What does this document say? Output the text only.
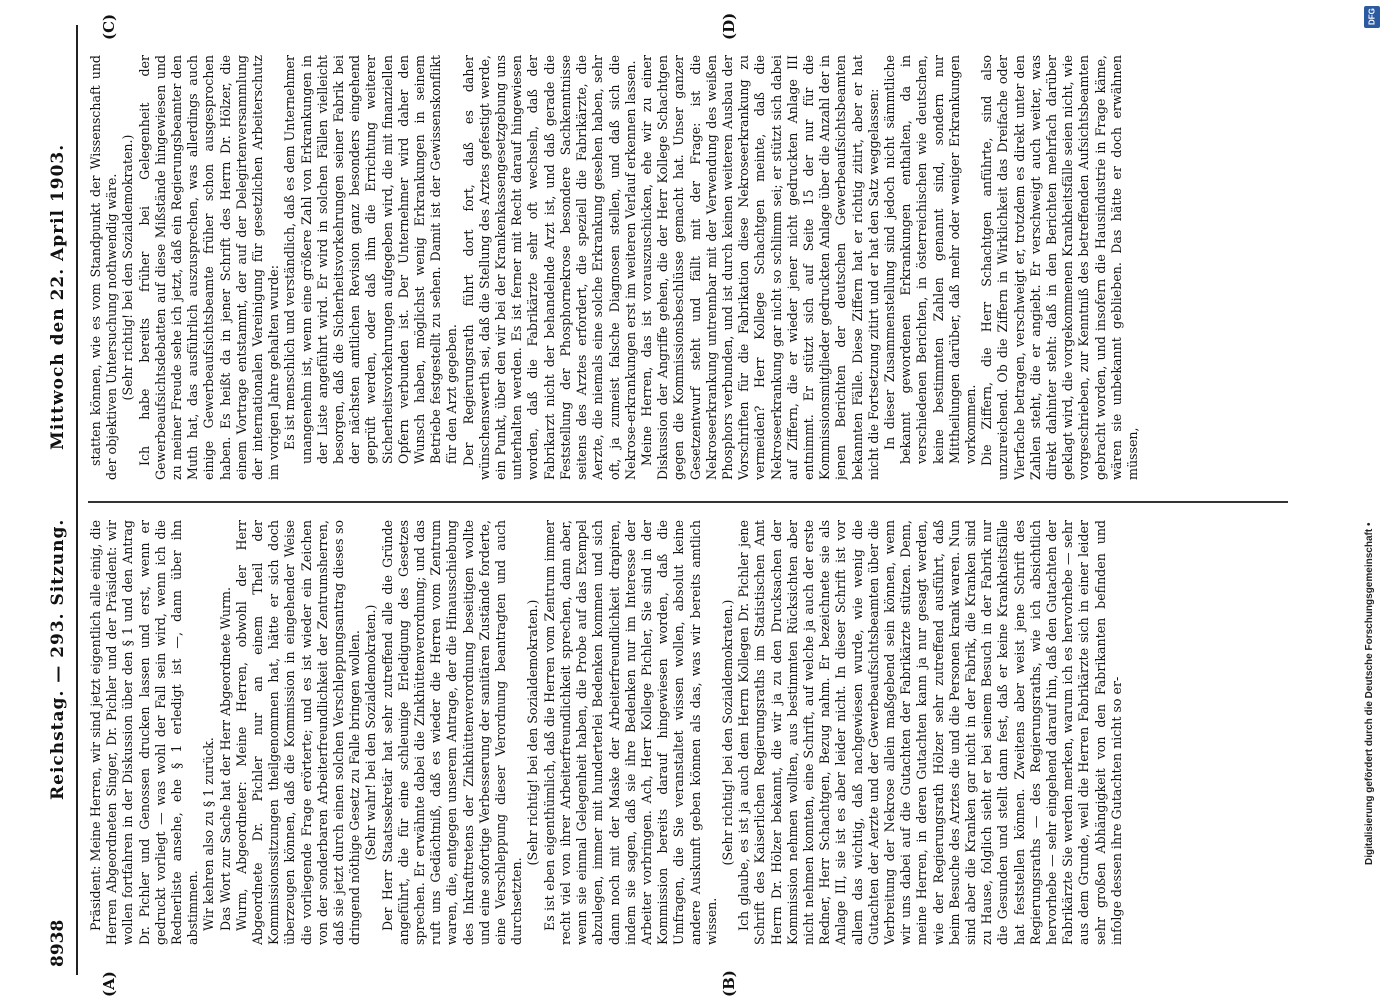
8938
Reichstag. — 293. Sitzung.
Mittwoch den 22. April 1903.
(A)	(B)
(C)	(D)

Präsident: Meine Herren, wir sind jetzt eigentlich alle einig, die Herren Abgeordneten Singer, Dr. Pichler und der Präsident: wir wollen fortfahren in der Diskussion über den § 1 und den Antrag Dr. Pichler und Genossen drucken lassen und erst, wenn er gedruckt vorliegt — was wohl der Fall sein wird, wenn ich die Rednerliste ansehe, ehe § 1 erledigt ist —, dann über ihn abstimmen. Wir kehren also zu § 1 zurück. Das Wort zur Sache hat der Herr Abgeordnete Wurm. Wurm, Abgeordneter: Meine Herren, obwohl der Herr Abgeordnete Dr. Pichler nur an einem Theil der Kommissionssitzungen theilgenommen hat, hätte er sich doch überzeugen können, daß die Kommission in eingehender Weise die vorliegende Frage erörterte; und es ist wieder ein Zeichen von der sonderbaren Arbeiterfreundlichkeit der Zentrumsherren, daß sie jetzt durch einen solchen Verschleppungsantrag dieses so dringend nöthige Gesetz zu Falle bringen wollen. (Sehr wahr! bei den Sozialdemokraten.) Der Herr Staatssekretär hat sehr zutreffend alle die Gründe angeführt, die für eine schleunige Erledigung des Gesetzes sprechen. Er erwähnte dabei die Zinkhüttenverordnung; und das ruft uns Gedächtniß, daß es wieder die Herren vom Zentrum waren, die, entgegen unserem Antrage, der die Hinausschiebung des Inkrafttretens der Zinkhüttenverordnung beseitigen wollte und eine sofortige Verbesserung der sanitären Zustände forderte, eine Verschleppung dieser Verordnung beantragten und auch durchsetzten.

(Sehr richtig! bei den Sozialdemokraten.) Es ist eben eigenthümlich, daß die Herren vom Zentrum immer recht viel von ihrer Arbeiterfreundlichkeit sprechen, dann aber, wenn sie einmal Gelegenheit haben, die Probe auf das Exempel abzulegen, immer mit hunderterlei Bedenken kommen und sich dann noch mit der Maske der Arbeiterfreundlichkeit drapiren, indem sie sagen, daß sie ihre Bedenken nur im Interesse der Arbeiter vorbringen. Ach, Herr Kollege Pichler, Sie sind in der Kommission bereits darauf hingewiesen worden, daß die Umfragen, die Sie veranstaltet wissen wollen, absolut keine andere Auskunft geben können als das, was wir bereits amtlich wissen.

(Sehr richtig! bei den Sozialdemokraten.) Ich glaube, es ist ja auch dem Herrn Kollegen Dr. Pichler jene Schrift des Kaiserlichen Regierungsraths im Statistischen Amt Herrn Dr. Hölzer bekannt, die wir ja zu den Drucksachen der Kommission nehmen wollten, aus bestimmten Rücksichten aber nicht nehmen konnten, eine Schrift, auf welche ja auch der erste Redner, Herr Schachtgen, Bezug nahm. Er bezeichnete sie als Anlage III, sie ist es aber leider nicht. In dieser Schrift ist vor allem das wichtig, daß nachgewiesen wurde, wie wenig die Gutachten der Aerzte und der Gewerbeaufsichtsbeamten über die Verbreitung der Nekrose allein maßgebend sein können, wenn wir uns dabei auf die Gutachten der Fabrikärzte stützen. Denn, meine Herren, in deren Gutachten kann ja nur gesagt werden, wie der Regierungsrath Hölzer sehr zutreffend ausführt, daß beim Besuche des Arztes die und die Personen krank waren. Nun sind aber die Kranken gar nicht in der Fabrik, die Kranken sind zu Hause, folglich sieht er bei seinem Besuch in der Fabrik nur die Gesunden und stellt dann fest, daß er keine Krankheitsfälle hat feststellen können. Zweitens aber weist jene Schrift des Regierungsraths — des Regierungsraths, wie ich absichtlich hervorhebe — sehr eingehend darauf hin, daß den Gutachten der Fabrikärzte Sie werden merken, warum ich es hervorhebe — sehr aus dem Grunde, weil die Herren Fabrikärzte sich in einer leider sehr großen Abhängigkeit von den Fabrikanten befinden und infolge dessen ihre Gutachten nicht so er-

statten können, wie es vom Standpunkt der Wissenschaft und der objektiven Untersuchung nothwendig wäre. (Sehr richtig! bei den Sozialdemokraten.) Ich habe bereits früher bei Gelegenheit der Gewerbeaufsichtsdebatten auf diese Mißstände hingewiesen und zu meiner Freude sehe ich jetzt, daß ein Regierungsbeamter den Muth hat, das ausführlich auszusprechen, was allerdings auch einige Gewerbeaufsichtsbeamte früher schon ausgesprochen haben. Es heißt da in jener Schrift des Herrn Dr. Hölzer, die einem Vortrage entstammt, der auf der Delegirtenversammlung der internationalen Vereinigung für gesetzlichen Arbeiterschutz im vorigen Jahre gehalten wurde: Es ist menschlich und verständlich, daß es dem Unternehmer unangenehm ist, wenn eine größere Zahl von Erkrankungen in der Liste angeführt wird. Er wird in solchen Fällen vielleicht besorgen, daß die Sicherheitsvorkehrungen seiner Fabrik bei der nächsten amtlichen Revision ganz besonders eingehend geprüft werden, oder daß ihm die Errichtung weiterer Sicherheitsvorkehrungen aufgegeben wird, die mit finanziellen Opfern verbunden ist. Der Unternehmer wird daher den Wunsch haben, möglichst wenig Erkrankungen in seinem Betriebe festgestellt zu sehen. Damit ist der Gewissenskonflikt für den Arzt gegeben. Der Regierungsrath führt dort fort, daß es daher wünschenswerth sei, daß die Stellung des Arztes gefestigt werde, ein Punkt, über den wir bei der Krankenkassengesetzgebung uns unterhalten werden. Es ist ferner mit Recht darauf hingewiesen worden, daß die Fabrikärzte sehr oft wechseln, daß der Fabrikarzt nicht der behandelnde Arzt ist, und daß gerade die Feststellung der Phosphornekrose besondere Sachkenntnisse seitens des Arztes erfordert, die speziell die Fabrikärzte, die Aerzte, die niemals eine solche Erkrankung gesehen haben, sehr oft, ja zumeist falsche Diagnosen stellen, und daß sich die Nekrose-erkrankungen erst im weiteren Verlauf erkennen lassen. Meine Herren, das ist vorauszuschicken, ehe wir zu einer Diskussion der Angriffe gehen, die der Herr Kollege Schachtgen gegen die Kommissionsbeschlüsse gemacht hat. Unser ganzer Gesetzentwurf steht und fällt mit der Frage: ist die Nekroseerkrankung untrennbar mit der Verwendung des weißen Phosphors verbunden, und ist durch keinen weiteren Ausbau der Vorschriften für die Fabrikation diese Nekroseerkrankung zu vermeiden? Herr Kollege Schachtgen meinte, daß die Nekroseerkrankung gar nicht so schlimm sei; er stützt sich dabei auf Ziffern, die er wieder jener nicht gedruckten Anlage III entnimmt. Er stützt sich auf Seite 15 der nur für die Kommissionsmitglieder gedruckten Anlage über die Anzahl der in jenen Berichten der deutschen Gewerbeaufsichtsbeamten bekannten Fälle. Diese Ziffern hat er richtig zitirt, aber er hat nicht die Fortsetzung zitirt und er hat den Satz weggelassen: In dieser Zusammenstellung sind jedoch nicht sämmtliche bekannt gewordenen Erkrankungen enthalten, da in verschiedenen Berichten, in österreichischen wie deutschen, keine bestimmten Zahlen genannt sind, sondern nur Mittheilungen darüber, daß mehr oder weniger Erkrankungen vorkommen. Die Ziffern, die Herr Schachtgen anführte, sind also unzureichend. Ob die Ziffern in Wirklichkeit das Dreifache oder Vierfache betragen, verschweigt er, trotzdem es direkt unter den Zahlen steht, die er angiebt. Er verschweigt auch weiter, was direkt dahinter steht: daß in den Berichten mehrfach darüber geklagt wird, die vorgekommenen Krankheitsfälle seien nicht, wie vorgeschrieben, zur Kenntniß des betreffenden Aufsichtsbeamten gebracht worden, und insofern die Hausindustrie in Frage käme, wären sie unbekannt geblieben. Das hätte er doch erwähnen müssen,

DFG
Digitalisierung gefördert durch die Deutsche Forschungsgemeinschaft •
